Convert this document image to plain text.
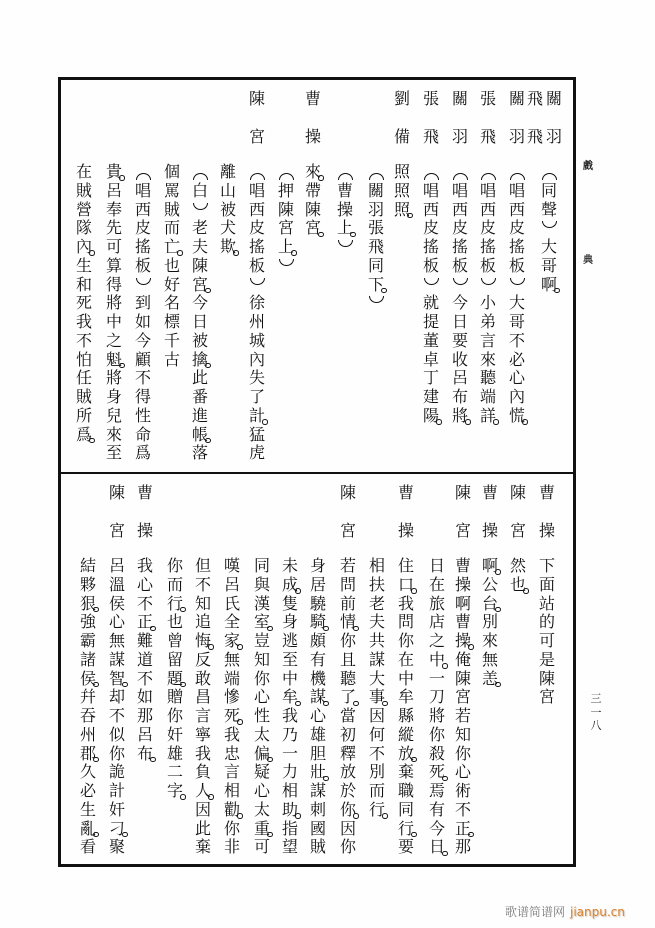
戲
典
三
一
八
關
羽
飛
飛
同
聲
大
哥
啊
關
羽
唱
西
皮
搖
板
大
哥
不
必
心
內
慌
張
飛
唱
西
皮
搖
板
小
弟
言
來
聽
端
詳
關
羽
唱
西
皮
搖
板
今
日
要
收
呂
布
將
張
飛
唱
西
皮
搖
板
就
提
董
卓
丁
建
陽
劉
備
照
照
照
關
羽
張
飛
同
下
曹
操
上
曹
操
來
帶
陳
宮
押
陳
宮
上
陳
宮
唱
西
皮
搖
板
徐
州
城
內
失
了
計
猛
虎
離
山
被
犬
欺
白
老
夫
陳
宮
今
日
被
擒
此
番
進
帳
落
個
罵
賊
而
亡
也
好
名
標
千
古
唱
西
皮
搖
板
到
如
今
顧
不
得
性
命
爲
貴
呂
奉
先
可
算
得
將
中
之
魁
將
身
兒
來
至
在
賊
營
隊
內
生
和
死
我
不
怕
任
賊
所
爲
曹
操
下
面
站
的
可
是
陳
宮
陳
宮
然
也
曹
操
啊
公
台
別
來
無
恙
陳
宮
曹
操
啊
曹
操
俺
陳
宮
若
知
你
心
術
不
正
那
日
在
旅
店
之
中
一
刀
將
你
殺
死
焉
有
今
日
曹
操
住
口
我
問
你
在
中
牟
縣
縱
放
棄
職
同
行
要
相
扶
老
夫
共
謀
大
事
因
何
不
別
而
行
陳
宮
若
問
前
情
你
且
聽
了
當
初
釋
放
於
你
因
你
身
居
驍
騎
頗
有
機
謀
心
雄
胆
壯
謀
刺
國
賊
未
成
隻
身
逃
至
中
牟
我
乃
一
力
相
助
指
望
同
與
漢
室
豈
知
你
心
性
太
偏
疑
心
太
重
可
嘆
呂
氏
全
家
無
端
慘
死
我
忠
言
相
勸
你
非
但
不
知
追
悔
反
敢
昌
言
寧
我
負
人
因
此
棄
你
而
行
也
曾
留
題
贈
你
奸
雄
二
字
曹
操
我
心
不
正
難
道
不
如
那
呂
布
陳
宮
呂
溫
侯
心
無
謀
智
却
不
似
你
詭
計
奸
刁
聚
結
夥
狠
強
霸
諸
侯
幷
吞
州
郡
久
必
生
亂
看
歌谱简谱网 jianpu.cn
